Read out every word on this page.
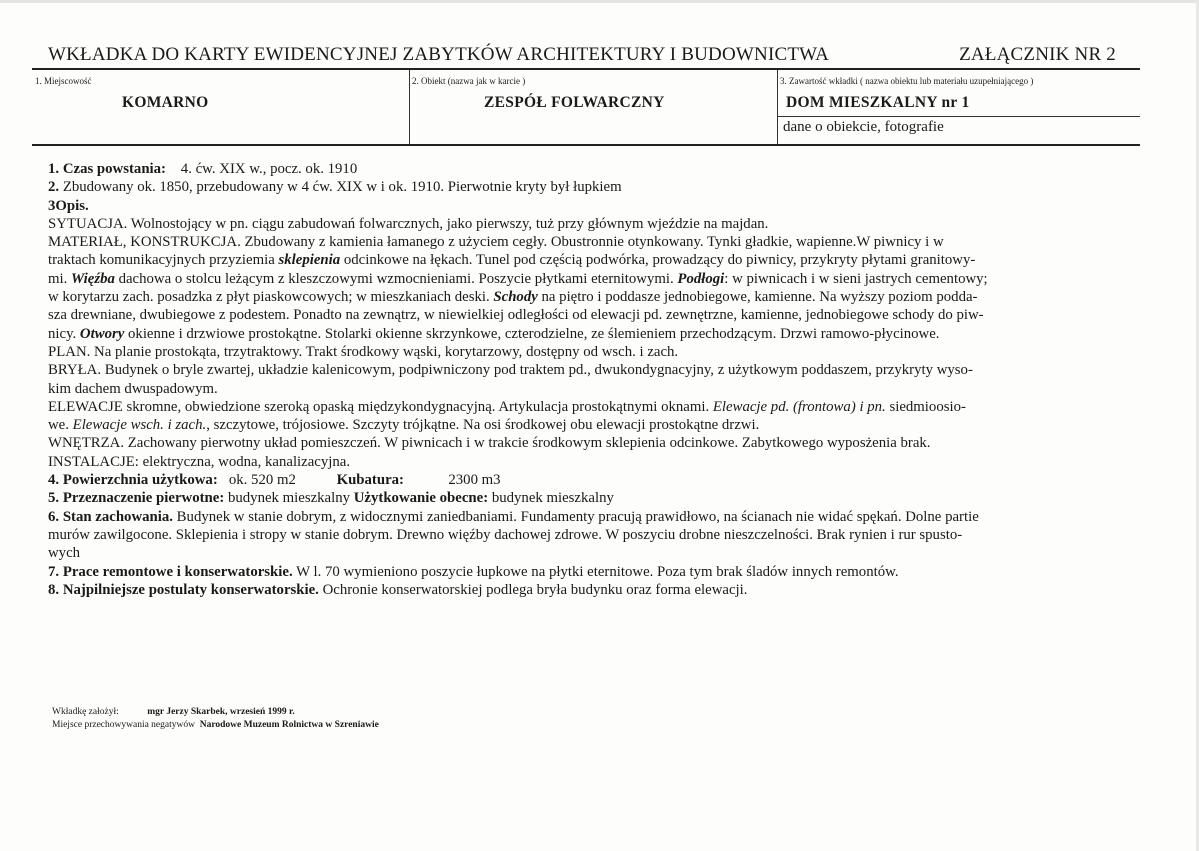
WKŁADKA DO KARTY EWIDENCYJNEJ ZABYTKÓW ARCHITEKTURY I BUDOWNICTWA	ZAŁĄCZNIK NR 2
1. Miejscowość
KOMARNO
2. Obiekt (nazwa jak w karcie )
ZESPÓŁ FOLWARCZNY
3. Zawartość wkładki ( nazwa obiektu lub materiału uzupełniającego )
DOM MIESZKALNY nr 1
dane o obiekcie, fotografie
1. Czas powstania: 4. ćw. XIX w., pocz. ok. 1910
2. Zbudowany ok. 1850, przebudowany w 4 ćw. XIX w i ok. 1910. Pierwotnie kryty był łupkiem
3Opis.
SYTUACJA. Wolnostojący w pn. ciągu zabudowań folwarcznych, jako pierwszy, tuż przy głównym wjeździe na majdan.
MATERIAŁ, KONSTRUKCJA. Zbudowany z kamienia łamanego z użyciem cegły. Obustronnie otynkowany. Tynki gładkie, wapienne.W piwnicy i w
traktach komunikacyjnych przyziemia sklepienia odcinkowe na łękach. Tunel pod częścią podwórka, prowadzący do piwnicy, przykryty płytami granitowy-
mi. Więźba dachowa o stolcu leżącym z kleszczowymi wzmocnieniami. Poszycie płytkami eternitowymi. Podłogi: w piwnicach i w sieni jastrych cementowy;
w korytarzu zach. posadzka z płyt piaskowcowych; w mieszkaniach deski. Schody na piętro i poddasze jednobiegowe, kamienne. Na wyższy poziom podda-
sza drewniane, dwubiegowe z podestem. Ponadto na zewnątrz, w niewielkiej odległości od elewacji pd. zewnętrzne, kamienne, jednobiegowe schody do piw-
nicy. Otwory okienne i drzwiowe prostokątne. Stolarki okienne skrzynkowe, czterodzielne, ze ślemieniem przechodzącym. Drzwi ramowo-płycinowe.
PLAN. Na planie prostokąta, trzytraktowy. Trakt środkowy wąski, korytarzowy, dostępny od wsch. i zach.
BRYŁA. Budynek o bryle zwartej, układzie kalenicowym, podpiwniczony pod traktem pd., dwukondygnacyjny, z użytkowym poddaszem, przykryty wyso-
kim dachem dwuspadowym.
ELEWACJE skromne, obwiedzione szeroką opaską międzykondygnacyjną. Artykulacja prostokątnymi oknami. Elewacje pd. (frontowa) i pn. siedmioosio-
we. Elewacje wsch. i zach., szczytowe, trójosiowe. Szczyty trójkątne. Na osi środkowej obu elewacji prostokątne drzwi.
WNĘTRZA. Zachowany pierwotny układ pomieszczeń. W piwnicach i w trakcie środkowym sklepienia odcinkowe. Zabytkowego wyposżenia brak.
INSTALACJE: elektryczna, wodna, kanalizacyjna.
4. Powierzchnia użytkowa: ok. 520 m2	Kubatura:	2300 m3
5. Przeznaczenie pierwotne: budynek mieszkalny Użytkowanie obecne: budynek mieszkalny
6. Stan zachowania. Budynek w stanie dobrym, z widocznymi zaniedbaniami. Fundamenty pracują prawidłowo, na ścianach nie widać spękań. Dolne partie
murów zawilgocone. Sklepienia i stropy w stanie dobrym. Drewno więźby dachowej zdrowe. W poszyciu drobne nieszczelności. Brak rynien i rur spusto-
wych
7. Prace remontowe i konserwatorskie. W l. 70 wymieniono poszycie łupkowe na płytki eternitowe. Poza tym brak śladów innych remontów.
8. Najpilniejsze postulaty konserwatorskie. Ochronie konserwatorskiej podlega bryła budynku oraz forma elewacji.
Wkładkę założył:	mgr Jerzy Skarbek, wrzesień 1999 r.
Miejsce przechowywania negatywów Narodowe Muzeum Rolnictwa w Szreniawie
